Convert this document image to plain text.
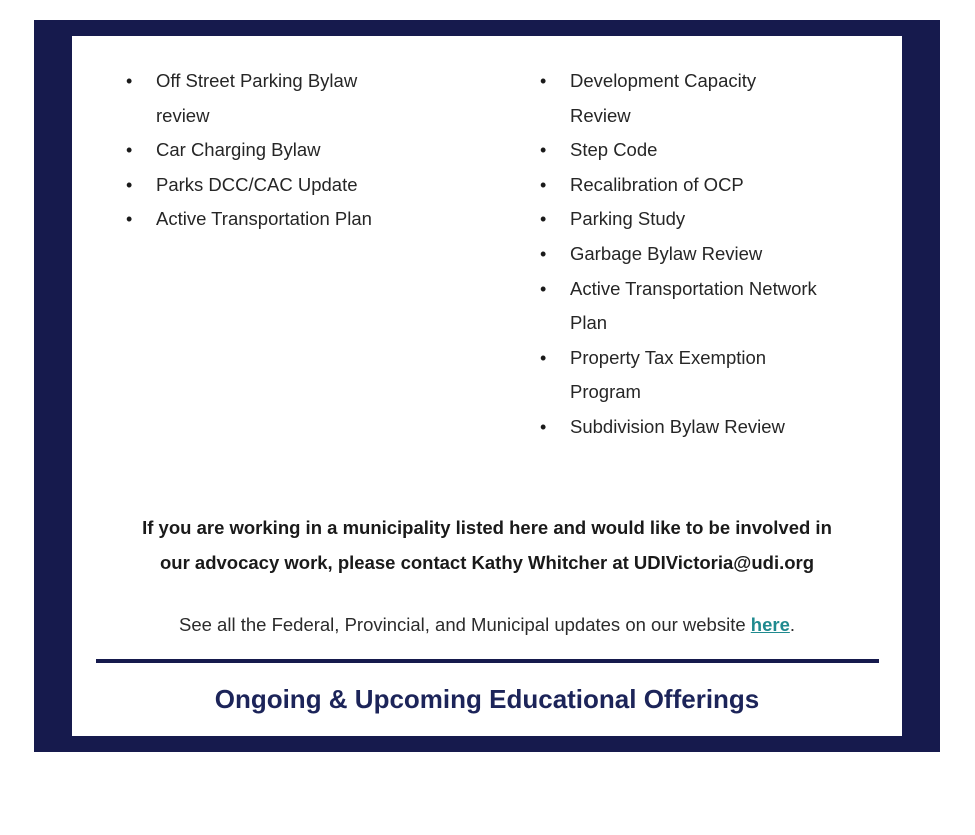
• Off Street Parking Bylaw
review
• Car Charging Bylaw
• Parks DCC/CAC Update
• Active Transportation Plan
• Development Capacity
Review
• Step Code
• Recalibration of OCP
• Parking Study
• Garbage Bylaw Review
• Active Transportation Network
Plan
• Property Tax Exemption
Program
• Subdivision Bylaw Review
If you are working in a municipality listed here and would like to be involved in
our advocacy work, please contact Kathy Whitcher at UDIVictoria@udi.org
See all the Federal, Provincial, and Municipal updates on our website here.
Ongoing & Upcoming Educational Offerings
